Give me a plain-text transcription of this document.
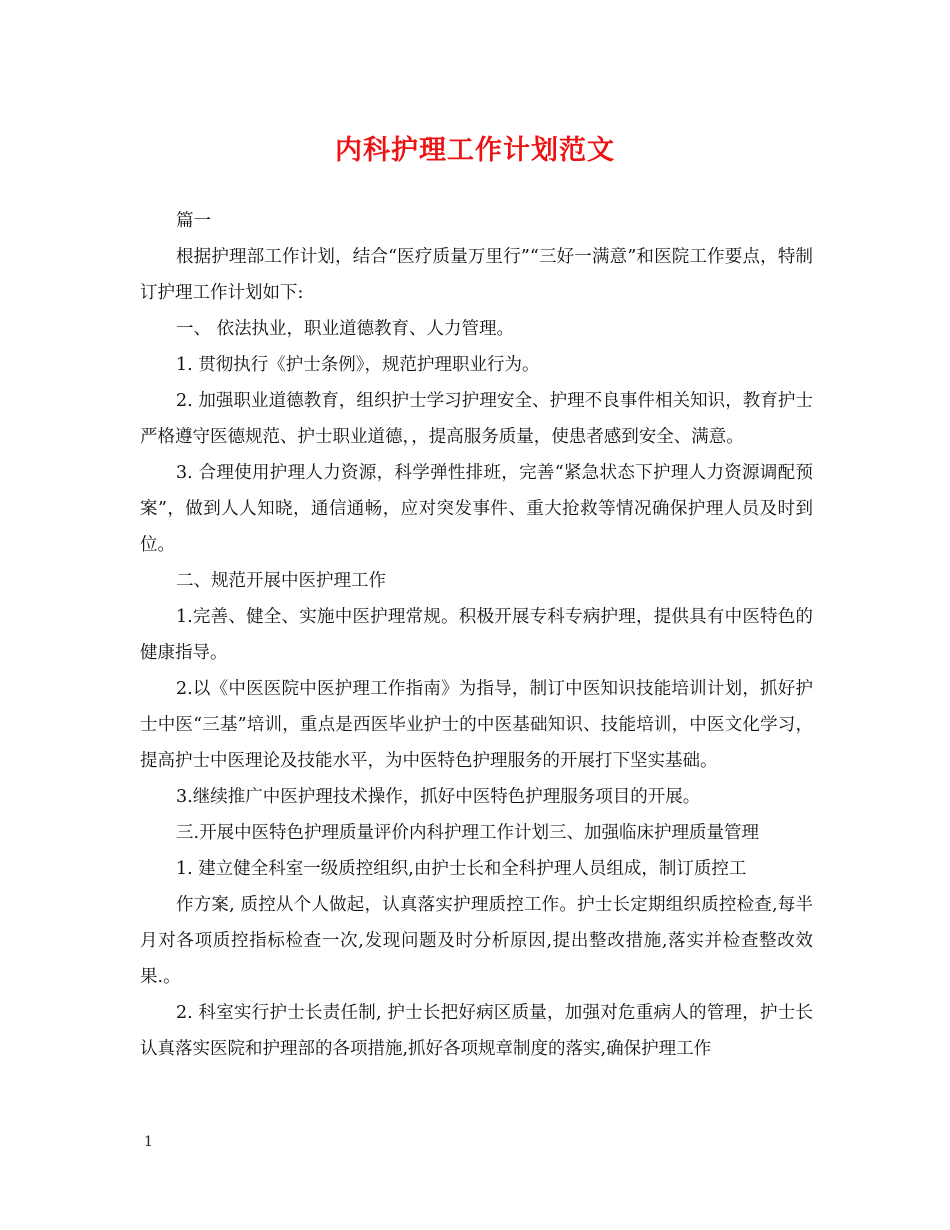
内科护理工作计划范文

篇一

根据护理部工作计划，结合“医疗质量万里行”“三好一满意”和医院工作要点，特制订护理工作计划如下:

一、 依法执业，职业道德教育、人力管理。

1. 贯彻执行《护士条例》，规范护理职业行为。

2. 加强职业道德教育，组织护士学习护理安全、护理不良事件相关知识，教育护士严格遵守医德规范、护士职业道德，，提高服务质量，使患者感到安全、满意。

3. 合理使用护理人力资源，科学弹性排班，完善“紧急状态下护理人力资源调配预案”，做到人人知晓，通信通畅，应对突发事件、重大抢救等情况确保护理人员及时到位。

二、规范开展中医护理工作

1.完善、健全、实施中医护理常规。积极开展专科专病护理，提供具有中医特色的健康指导。

2.以《中医医院中医护理工作指南》为指导，制订中医知识技能培训计划，抓好护士中医“三基”培训，重点是西医毕业护士的中医基础知识、技能培训，中医文化学习，提高护士中医理论及技能水平，为中医特色护理服务的开展打下坚实基础。

3.继续推广中医护理技术操作，抓好中医特色护理服务项目的开展。

三.开展中医特色护理质量评价内科护理工作计划三、加强临床护理质量管理

1. 建立健全科室一级质控组织,由护士长和全科护理人员组成，制订质控工

作方案, 质控从个人做起，认真落实护理质控工作。护士长定期组织质控检查,每半月对各项质控指标检查一次,发现问题及时分析原因,提出整改措施,落实并检查整改效果.。

2. 科室实行护士长责任制, 护士长把好病区质量，加强对危重病人的管理，护士长认真落实医院和护理部的各项措施,抓好各项规章制度的落实,确保护理工作

1
